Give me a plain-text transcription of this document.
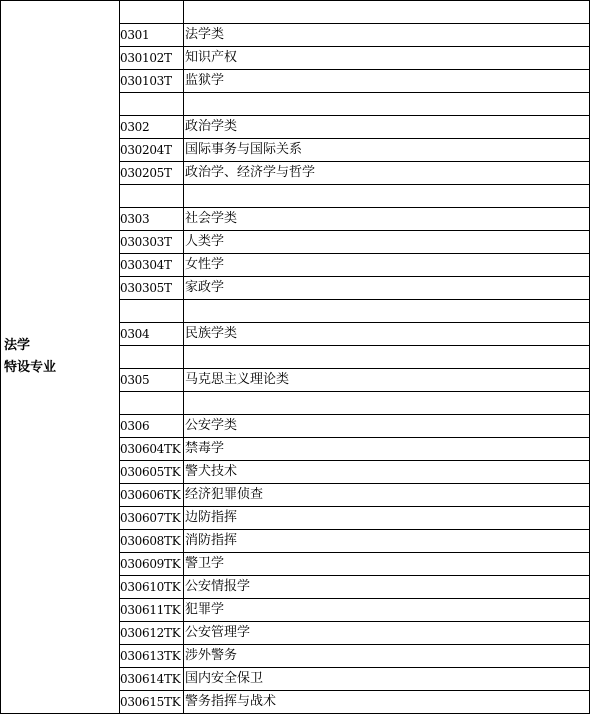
法学
特设专业		

	0301	法学类
	030102T	知识产权
	030103T	监狱学

	0302	政治学类
	030204T	国际事务与国际关系
	030205T	政治学、经济学与哲学

	0303	社会学类
	030303T	人类学
	030304T	女性学
	030305T	家政学

	0304	民族学类

	0305	马克思主义理论类

	0306	公安学类
	030604TK	禁毒学
	030605TK	警犬技术
	030606TK	经济犯罪侦查
	030607TK	边防指挥
	030608TK	消防指挥
	030609TK	警卫学
	030610TK	公安情报学
	030611TK	犯罪学
	030612TK	公安管理学
	030613TK	涉外警务
	030614TK	国内安全保卫
	030615TK	警务指挥与战术
